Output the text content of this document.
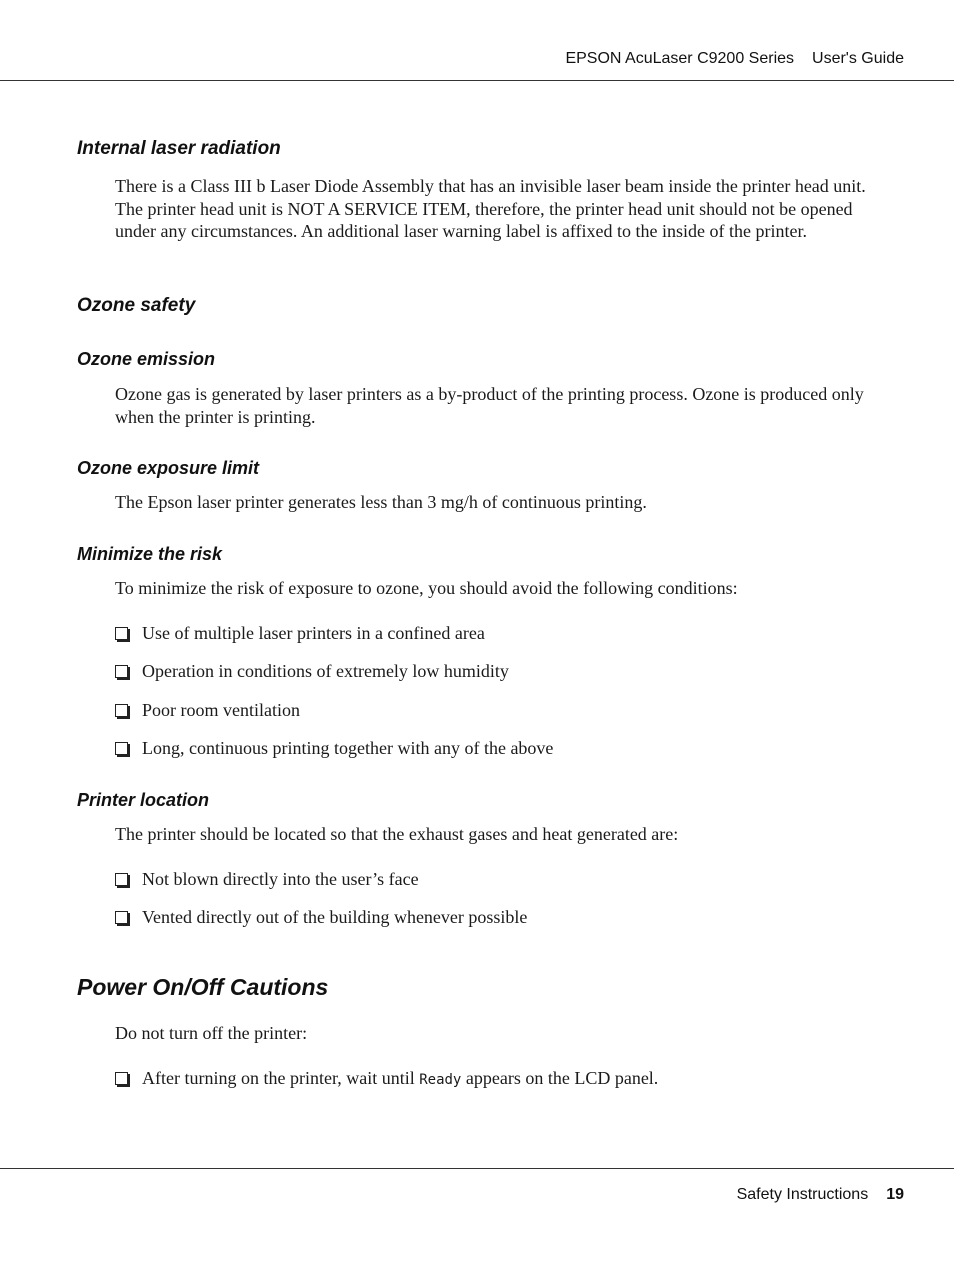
EPSON AcuLaser C9200 Series User's Guide
Internal laser radiation

There is a Class III b Laser Diode Assembly that has an invisible laser beam inside the printer head unit. The printer head unit is NOT A SERVICE ITEM, therefore, the printer head unit should not be opened under any circumstances. An additional laser warning label is affixed to the inside of the printer.

Ozone safety
Ozone emission

Ozone gas is generated by laser printers as a by-product of the printing process. Ozone is produced only when the printer is printing.

Ozone exposure limit

The Epson laser printer generates less than 3 mg/h of continuous printing.

Minimize the risk

To minimize the risk of exposure to ozone, you should avoid the following conditions:

Use of multiple laser printers in a confined area
Operation in conditions of extremely low humidity
Poor room ventilation
Long, continuous printing together with any of the above
Printer location

The printer should be located so that the exhaust gases and heat generated are:

Not blown directly into the user’s face
Vented directly out of the building whenever possible
Power On/Off Cautions

Do not turn off the printer:

After turning on the printer, wait until Ready appears on the LCD panel.
Safety Instructions 19
